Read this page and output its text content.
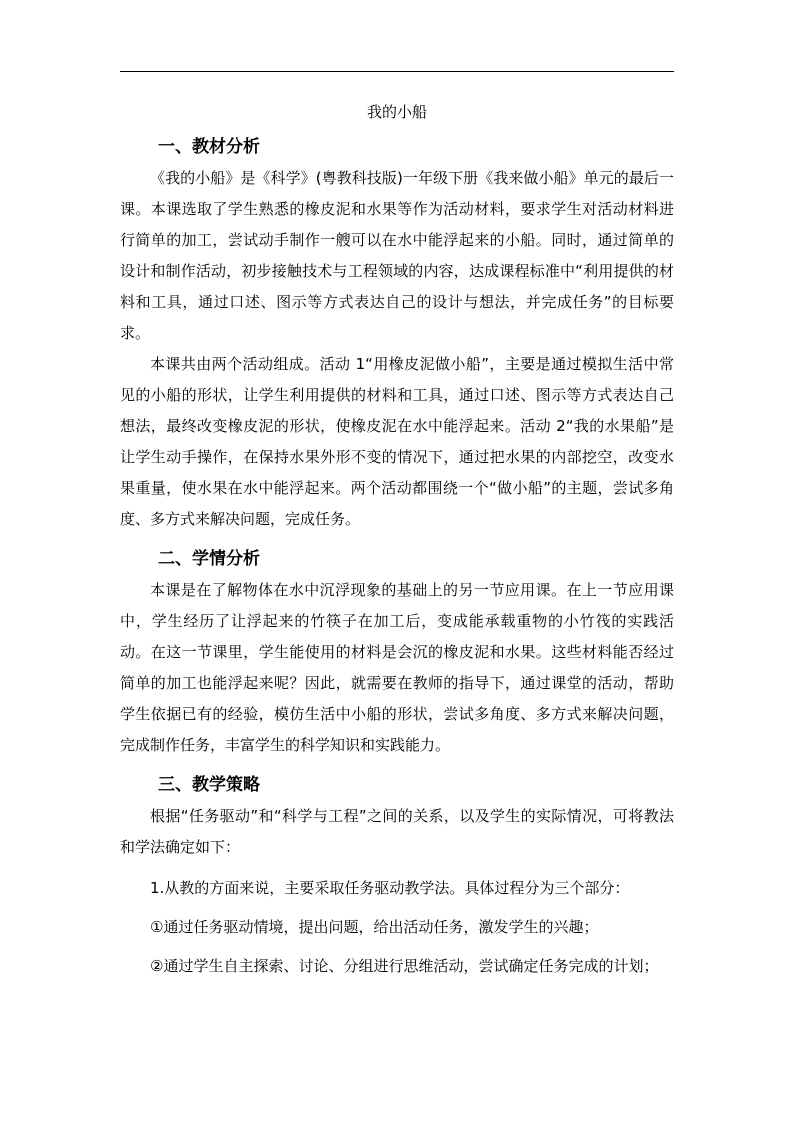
我的小船
一、教材分析

《我的小船》是《科学》(粤教科技版)一年级下册《我来做小船》单元的最后一课。本课选取了学生熟悉的橡皮泥和水果等作为活动材料，要求学生对活动材料进行简单的加工，尝试动手制作一艘可以在水中能浮起来的小船。同时，通过简单的设计和制作活动，初步接触技术与工程领域的内容，达成课程标准中“利用提供的材料和工具，通过口述、图示等方式表达自己的设计与想法，并完成任务”的目标要求。

本课共由两个活动组成。活动 1“用橡皮泥做小船”，主要是通过模拟生活中常见的小船的形状，让学生利用提供的材料和工具，通过口述、图示等方式表达自己想法，最终改变橡皮泥的形状，使橡皮泥在水中能浮起来。活动 2“我的水果船”是让学生动手操作，在保持水果外形不变的情况下，通过把水果的内部挖空，改变水果重量，使水果在水中能浮起来。两个活动都围绕一个“做小船”的主题，尝试多角度、多方式来解决问题，完成任务。

二、学情分析

本课是在了解物体在水中沉浮现象的基础上的另一节应用课。在上一节应用课中，学生经历了让浮起来的竹筷子在加工后，变成能承载重物的小竹筏的实践活动。在这一节课里，学生能使用的材料是会沉的橡皮泥和水果。这些材料能否经过简单的加工也能浮起来呢？因此，就需要在教师的指导下，通过课堂的活动，帮助学生依据已有的经验，模仿生活中小船的形状，尝试多角度、多方式来解决问题，完成制作任务，丰富学生的科学知识和实践能力。

三、教学策略

根据“任务驱动”和“科学与工程”之间的关系，以及学生的实际情况，可将教法和学法确定如下：

1.从教的方面来说，主要采取任务驱动教学法。具体过程分为三个部分：

①通过任务驱动情境，提出问题，给出活动任务，激发学生的兴趣；

②通过学生自主探索、讨论、分组进行思维活动，尝试确定任务完成的计划；
